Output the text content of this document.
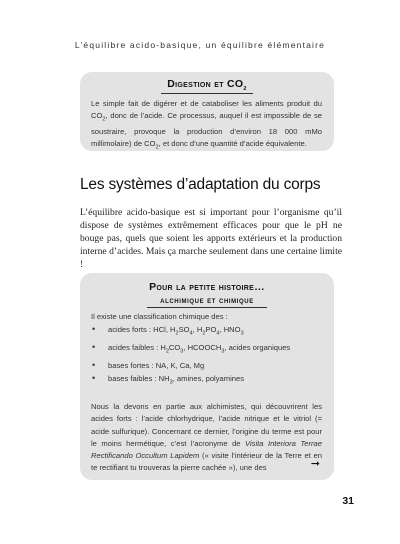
L’équilibre acido-basique, un équilibre élémentaire
Digestion et $CO_2$
Le simple fait de digérer et de cataboliser les aliments produit du $CO_2$, donc de l’acide. Ce processus, auquel il est impossible de se soustraire, provoque la production d’environ 18 000 mMo millimolaire) de $CO_2$, et donc d’une quantité d’acide équivalente.
Les systèmes d’adaptation du corps

L’équilibre acido-basique est si important pour l’organisme qu’il dispose de systèmes extrêmement efficaces pour que le pH ne bouge pas, quels que soient les apports extérieurs et la production interne d’acides. Mais ça marche seulement dans une certaine limite !

Pour la petite histoire…
alchimique et chimique
Il existe une classification chimique des :
• acides forts : HCl, $H_2SO_4$, $H_2PO_4$, $HNO_3$
• acides faibles : $H_2CO_3$, $HCOOCH_3$, acides organiques
• bases fortes : NA, K, Ca, Mg
• bases faibles : $NH_3$, amines, polyamines
Nous la devons en partie aux alchimistes, qui découvrirent les acides forts : l’acide chlorhydrique, l’acide nitrique et le vitriol (= acide sulfurique). Concernant ce dernier, l’origine du terme est pour le moins hermétique, c’est l’acronyme de Visita Interiora Terrae Rectificando Occultum Lapidem (« visite l’intérieur de la Terre et en te rectifiant tu trouveras la pierre cachée »), une des	➞
31
